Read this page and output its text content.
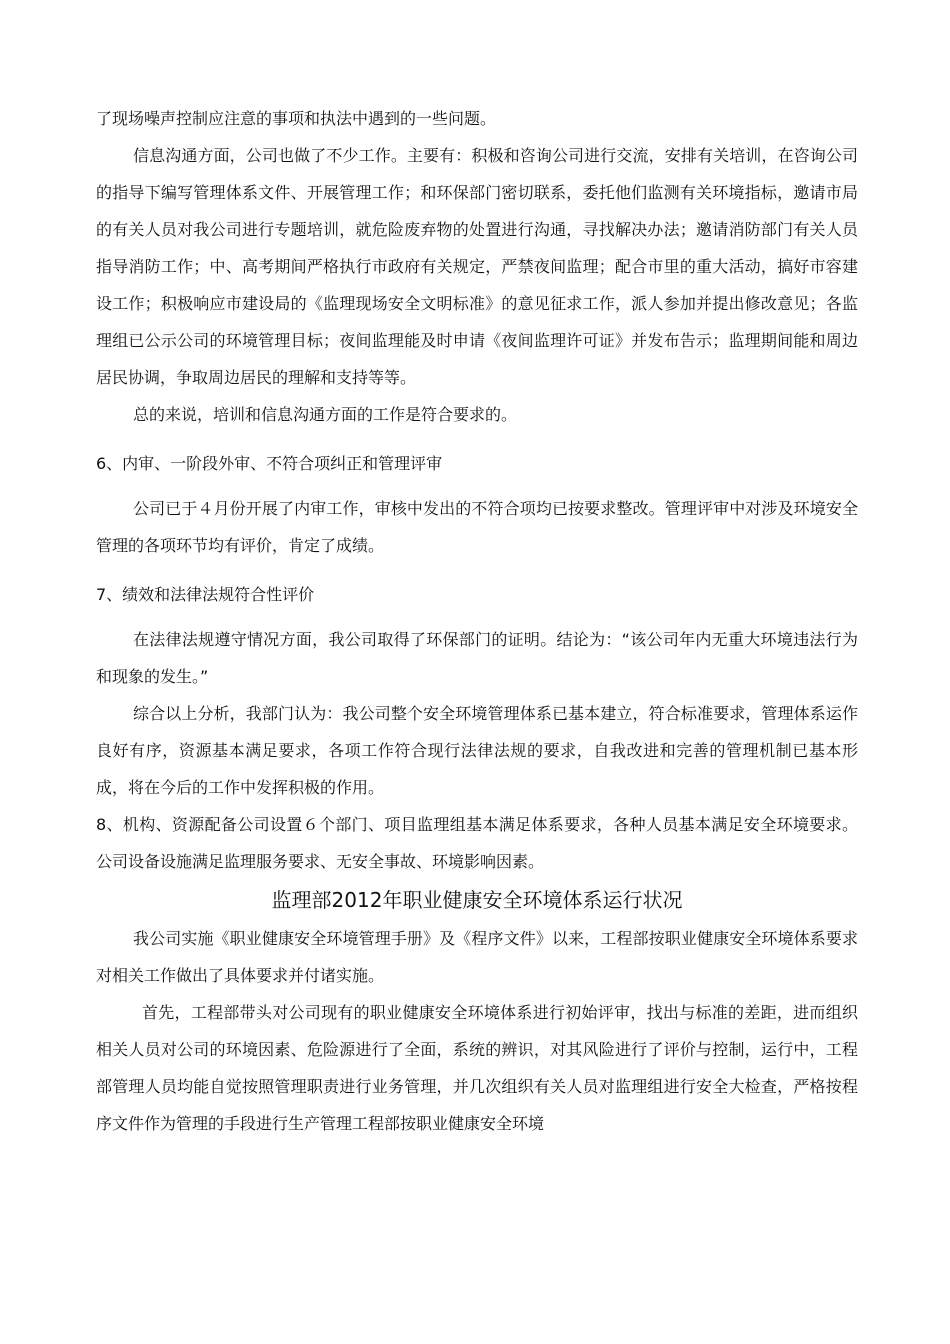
了现场噪声控制应注意的事项和执法中遇到的一些问题。

信息沟通方面，公司也做了不少工作。主要有：积极和咨询公司进行交流，安排有关培训，在咨询公司的指导下编写管理体系文件、开展管理工作；和环保部门密切联系，委托他们监测有关环境指标，邀请市局的有关人员对我公司进行专题培训，就危险废弃物的处置进行沟通，寻找解决办法；邀请消防部门有关人员指导消防工作；中、高考期间严格执行市政府有关规定，严禁夜间监理；配合市里的重大活动，搞好市容建设工作；积极响应市建设局的《监理现场安全文明标准》的意见征求工作，派人参加并提出修改意见；各监理组已公示公司的环境管理目标；夜间监理能及时申请《夜间监理许可证》并发布告示；监理期间能和周边居民协调，争取周边居民的理解和支持等等。

总的来说，培训和信息沟通方面的工作是符合要求的。

6、内审、一阶段外审、不符合项纠正和管理评审

公司已于４月份开展了内审工作，审核中发出的不符合项均已按要求整改。管理评审中对涉及环境安全管理的各项环节均有评价，肯定了成绩。

7、绩效和法律法规符合性评价

在法律法规遵守情况方面，我公司取得了环保部门的证明。结论为：“该公司年内无重大环境违法行为和现象的发生。”

综合以上分析，我部门认为：我公司整个安全环境管理体系已基本建立，符合标准要求，管理体系运作良好有序，资源基本满足要求，各项工作符合现行法律法规的要求，自我改进和完善的管理机制已基本形成，将在今后的工作中发挥积极的作用。

8、机构、资源配备公司设置６个部门、项目监理组基本满足体系要求，各种人员基本满足安全环境要求。公司设备设施满足监理服务要求、无安全事故、环境影响因素。

监理部2012年职业健康安全环境体系运行状况

我公司实施《职业健康安全环境管理手册》及《程序文件》以来，工程部按职业健康安全环境体系要求对相关工作做出了具体要求并付诸实施。

首先，工程部带头对公司现有的职业健康安全环境体系进行初始评审，找出与标准的差距，进而组织相关人员对公司的环境因素、危险源进行了全面，系统的辨识，对其风险进行了评价与控制，运行中，工程部管理人员均能自觉按照管理职责进行业务管理，并几次组织有关人员对监理组进行安全大检查，严格按程序文件作为管理的手段进行生产管理工程部按职业健康安全环境
